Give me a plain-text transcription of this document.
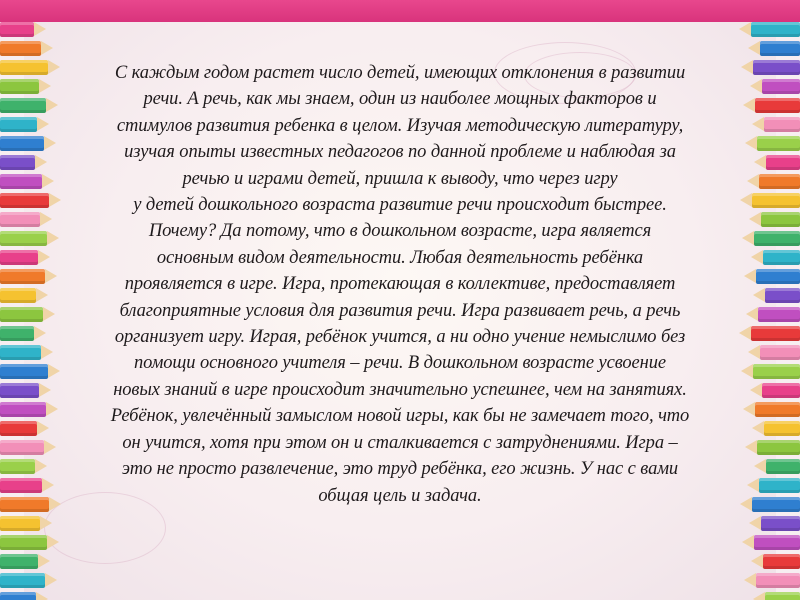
С каждым годом растет число детей, имеющих отклонения в развитии
речи. А речь, как мы знаем, один из наиболее мощных факторов и
стимулов развития ребенка в целом. Изучая методическую литературу,
изучая опыты известных педагогов по данной проблеме и наблюдая за
речью и играми детей, пришла к выводу, что через игру
у детей дошкольного возраста развитие речи происходит быстрее.
Почему? Да потому, что в дошкольном возрасте, игра является
основным видом деятельности. Любая деятельность ребёнка
проявляется в игре. Игра, протекающая в коллективе, предоставляет
благоприятные условия для развития речи. Игра развивает речь, а речь
организует игру. Играя, ребёнок учится, а ни одно учение немыслимо без
помощи основного учителя – речи. В дошкольном возрасте усвоение
новых знаний в игре происходит значительно успешнее, чем на занятиях.
Ребёнок, увлечённый замыслом новой игры, как бы не замечает того, что
он учится, хотя при этом он и сталкивается с затруднениями. Игра –
это не просто развлечение, это труд ребёнка, его жизнь. У нас с вами
общая цель и задача.
